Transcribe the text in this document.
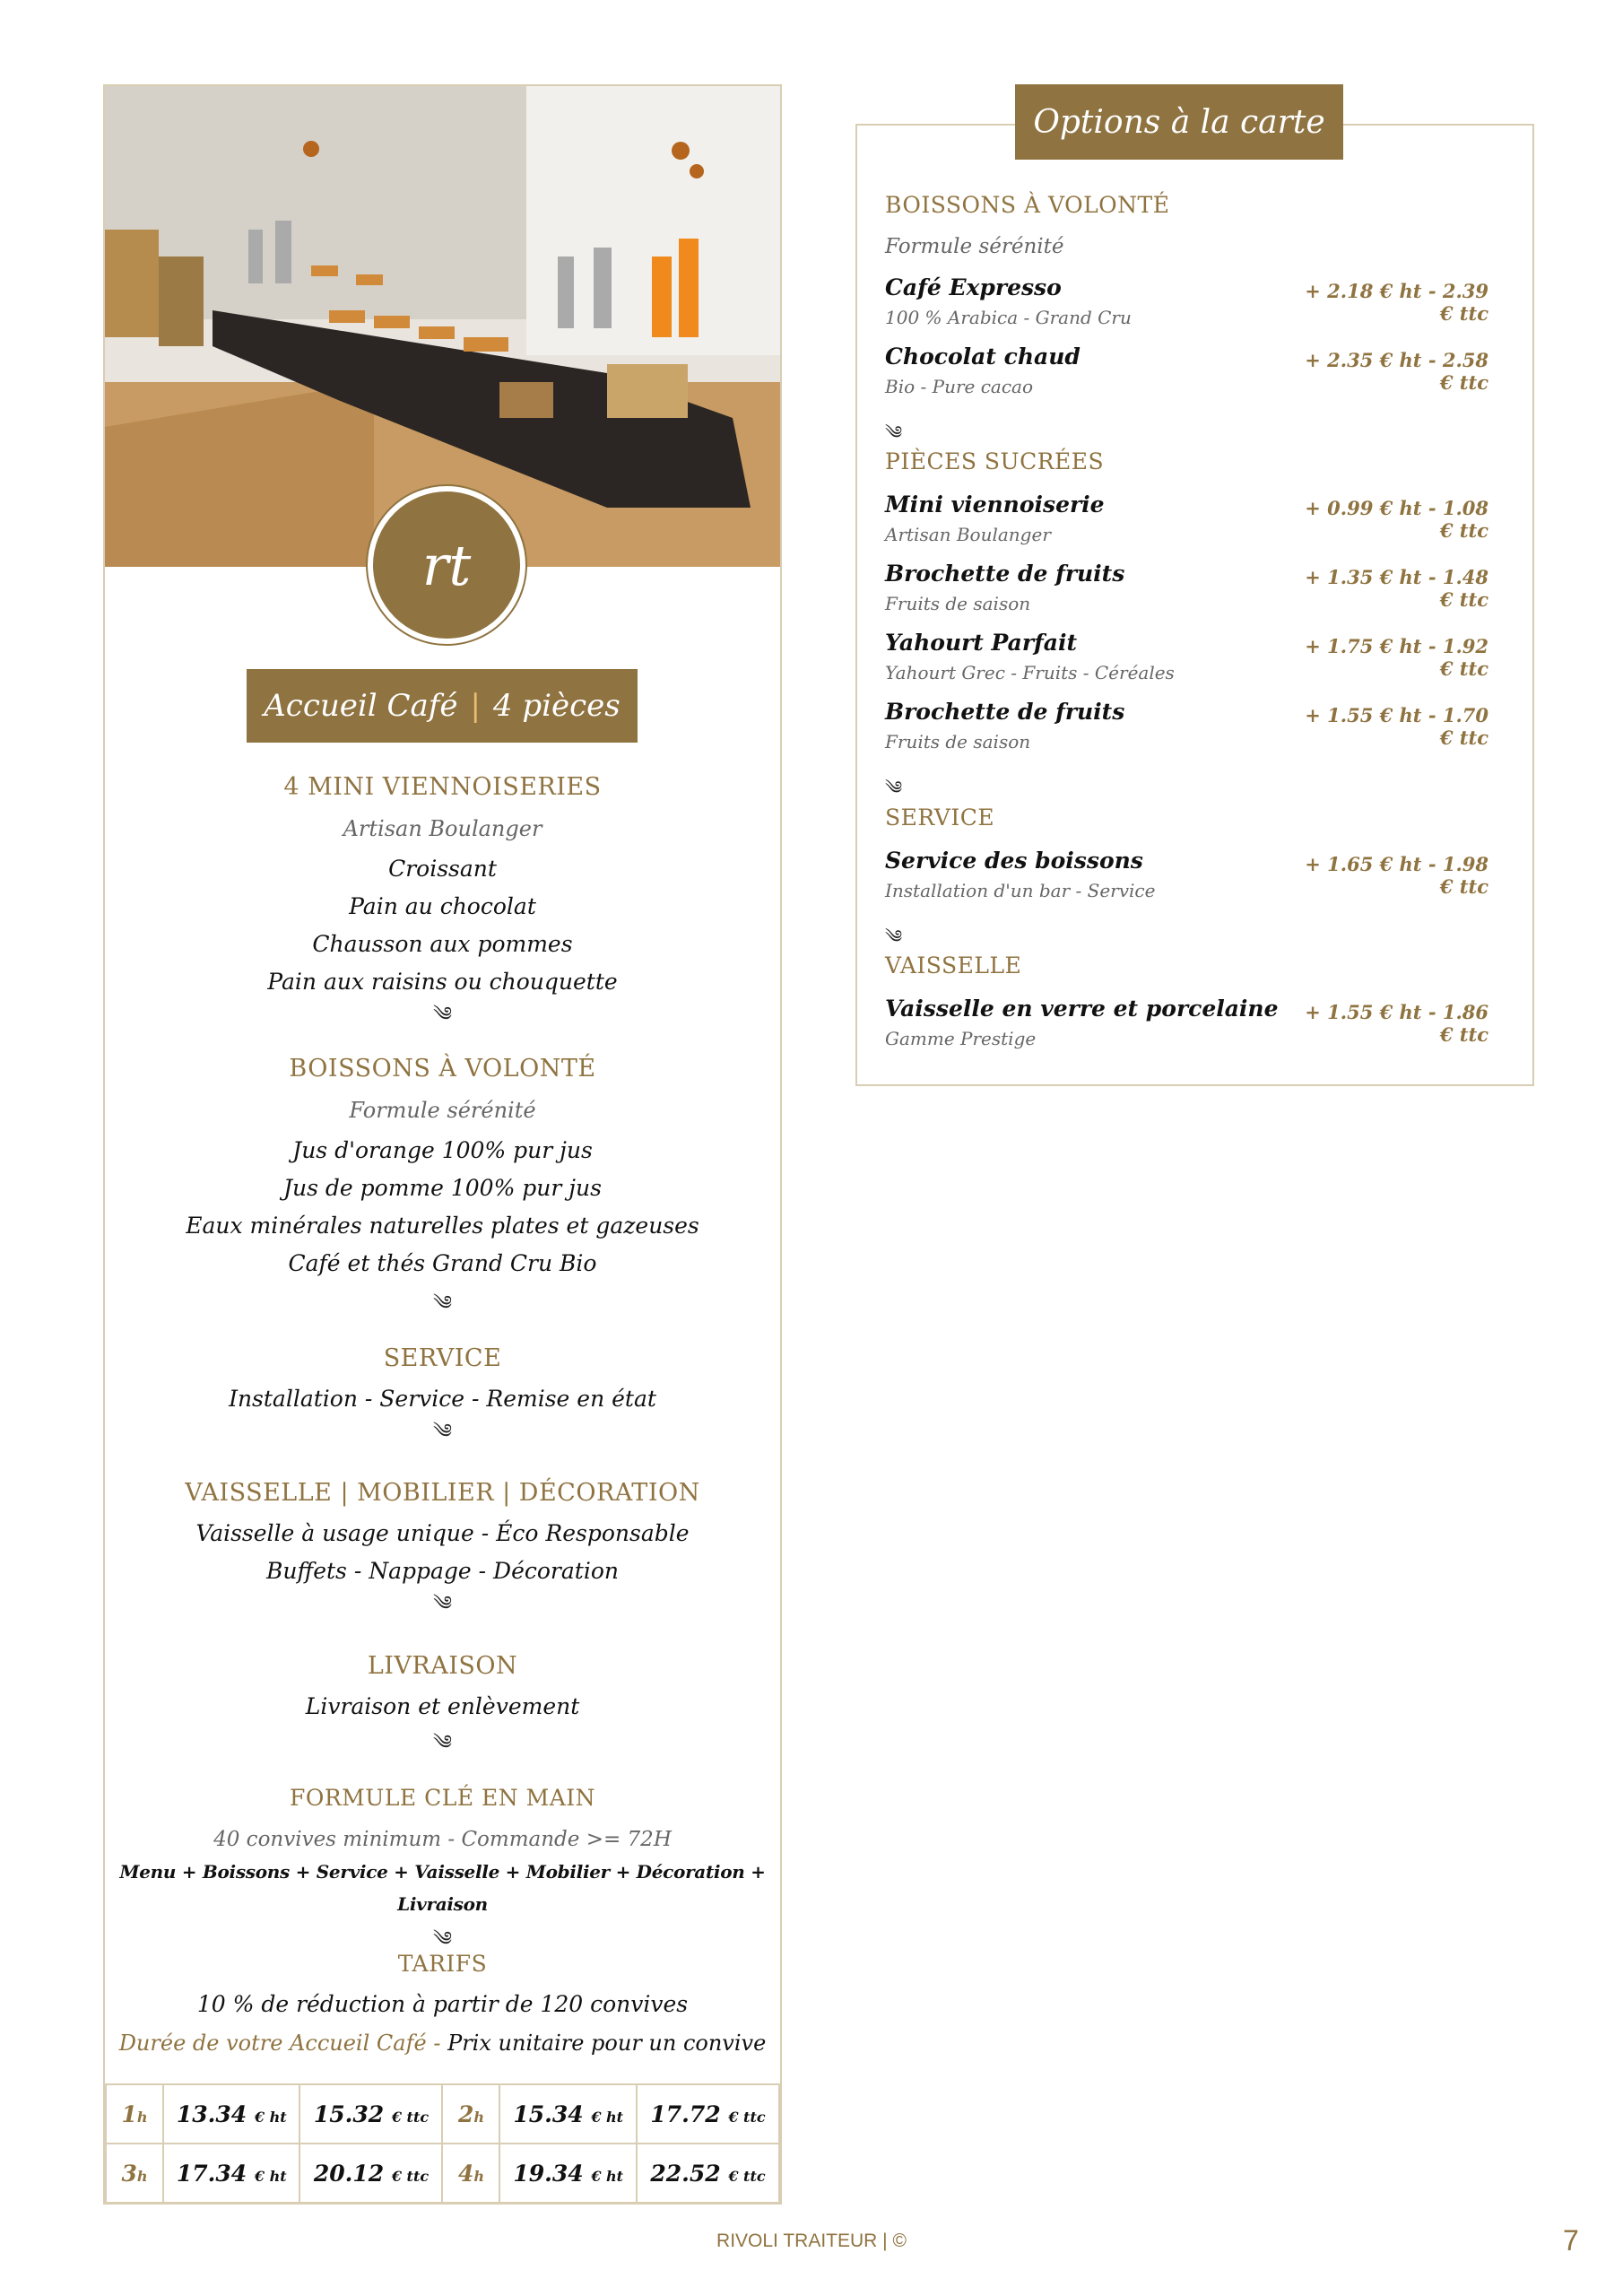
rt
Accueil Café | 4 pièces
4 MINI VIENNOISERIES
Artisan Boulanger
Croissant
Pain au chocolat
Chausson aux pommes
Pain aux raisins ou chouquette
༄
BOISSONS À VOLONTÉ
Formule sérénité
Jus d'orange 100% pur jus
Jus de pomme 100% pur jus
Eaux minérales naturelles plates et gazeuses
Café et thés Grand Cru Bio
༄
SERVICE
Installation - Service - Remise en état
༄
VAISSELLE | MOBILIER | DÉCORATION
Vaisselle à usage unique - Éco Responsable
Buffets - Nappage - Décoration
༄
LIVRAISON
Livraison et enlèvement
༄
FORMULE CLÉ EN MAIN
40 convives minimum - Commande >= 72H
Menu + Boissons + Service + Vaisselle + Mobilier + Décoration + Livraison
༄
TARIFS
10 % de réduction à partir de 120 convives
Durée de votre Accueil Café - Prix unitaire pour un convive
1h	13.34 € ht	15.32 € ttc	2h	15.34 € ht	17.72 € ttc
3h	17.34 € ht	20.12 € ttc	4h	19.34 € ht	22.52 € ttc
Options à la carte
BOISSONS À VOLONTÉ
Formule sérénité
Café Expresso	+ 2.18 € ht - 2.39 € ttc
100 % Arabica - Grand Cru
Chocolat chaud	+ 2.35 € ht - 2.58 € ttc
Bio - Pure cacao
༄
PIÈCES SUCRÉES
Mini viennoiserie	+ 0.99 € ht - 1.08 € ttc
Artisan Boulanger
Brochette de fruits	+ 1.35 € ht - 1.48 € ttc
Fruits de saison
Yahourt Parfait	+ 1.75 € ht - 1.92 € ttc
Yahourt Grec - Fruits - Céréales
Brochette de fruits	+ 1.55 € ht - 1.70 € ttc
Fruits de saison
༄
SERVICE
Service des boissons	+ 1.65 € ht - 1.98 € ttc
Installation d'un bar - Service
༄
VAISSELLE
Vaisselle en verre et porcelaine	+ 1.55 € ht - 1.86 € ttc
Gamme Prestige
RIVOLI TRAITEUR | ©	7
